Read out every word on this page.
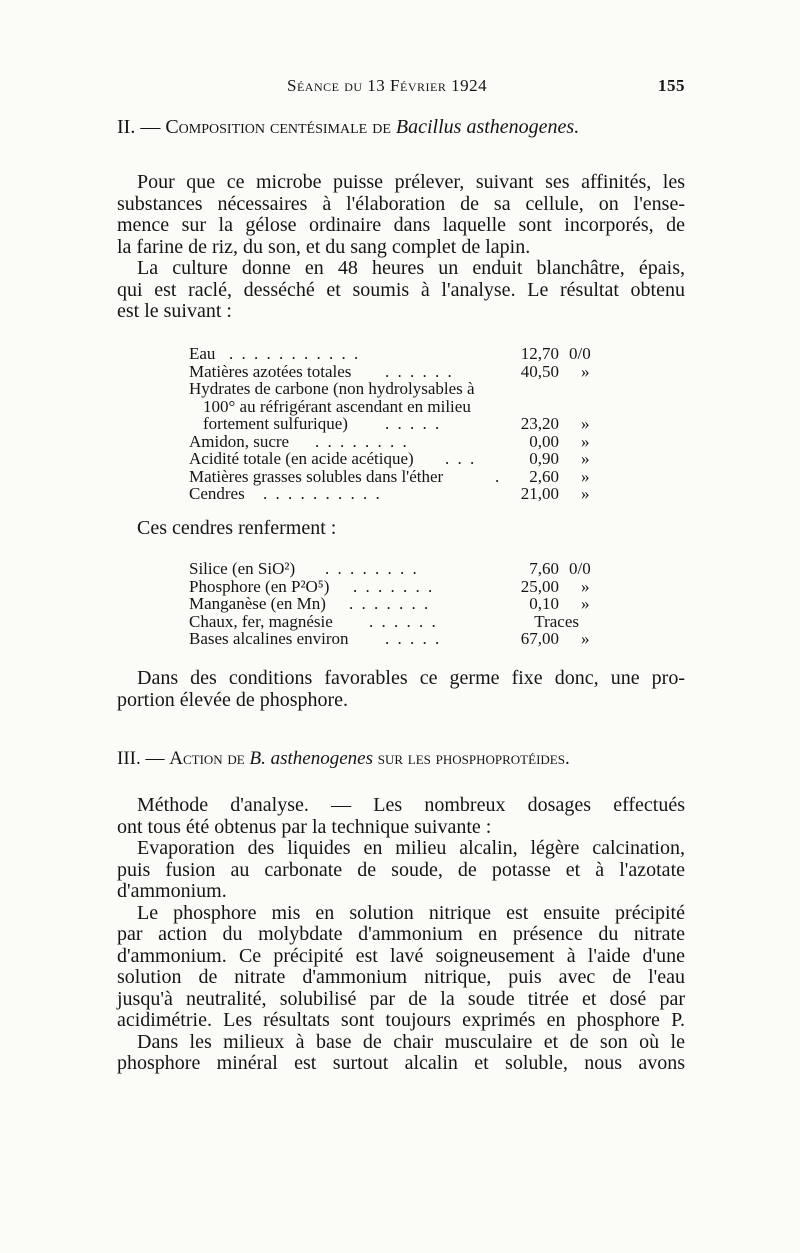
Séance du 13 Février 1924	155
II. — Composition centésimale de Bacillus asthenogenes.
Pour que ce microbe puisse prélever, suivant ses affinités, les
substances nécessaires à l'élaboration de sa cellule, on l'ense-
mence sur la gélose ordinaire dans laquelle sont incorporés, de
la farine de riz, du son, et du sang complet de lapin.
La culture donne en 48 heures un enduit blanchâtre, épais,
qui est raclé, desséché et soumis à l'analyse. Le résultat obtenu
est le suivant :
Eau . . . . . . . . . . .	12,70 0/0
Matières azotées totales . . . . . .	40,50 »
Hydrates de carbone (non hydrolysables à
100° au réfrigérant ascendant en milieu
fortement sulfurique) . . . . .	23,20 »
Amidon, sucre . . . . . . . .	0,00 »
Acidité totale (en acide acétique) . . .	0,90 »
Matières grasses solubles dans l'éther	.	2,60 »
Cendres . . . . . . . . . .	21,00 »
Ces cendres renferment :
Silice (en SiO²) . . . . . . . .	7,60 0/0
Phosphore (en P²O⁵) . . . . . . .	25,00 »
Manganèse (en Mn) . . . . . . .	0,10 »
Chaux, fer, magnésie . . . . . .	Traces
Bases alcalines environ . . . . .	67,00 »
Dans des conditions favorables ce germe fixe donc, une pro-
portion élevée de phosphore.
III. — Action de B. asthenogenes sur les phosphoprotéides.
Méthode d'analyse. — Les nombreux dosages effectués
ont tous été obtenus par la technique suivante :
Evaporation des liquides en milieu alcalin, légère calcination,
puis fusion au carbonate de soude, de potasse et à l'azotate
d'ammonium.
Le phosphore mis en solution nitrique est ensuite précipité
par action du molybdate d'ammonium en présence du nitrate
d'ammonium. Ce précipité est lavé soigneusement à l'aide d'une
solution de nitrate d'ammonium nitrique, puis avec de l'eau
jusqu'à neutralité, solubilisé par de la soude titrée et dosé par
acidimétrie. Les résultats sont toujours exprimés en phosphore P.
Dans les milieux à base de chair musculaire et de son où le
phosphore minéral est surtout alcalin et soluble, nous avons
